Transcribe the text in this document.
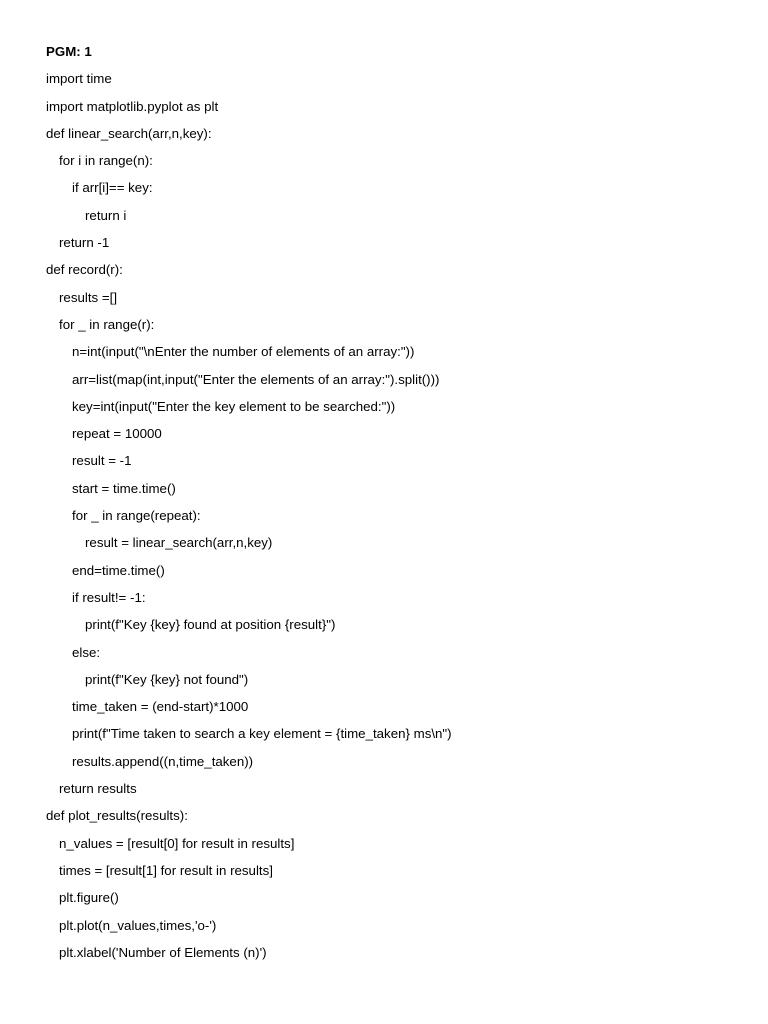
PGM: 1
import time
import matplotlib.pyplot as plt
def linear_search(arr,n,key):
for i in range(n):
if arr[i]== key:
return i
return -1
def record(r):
results =[]
for _ in range(r):
n=int(input("\nEnter the number of elements of an array:"))
arr=list(map(int,input("Enter the elements of an array:").split()))
key=int(input("Enter the key element to be searched:"))
repeat = 10000
result = -1
start = time.time()
for _ in range(repeat):
result = linear_search(arr,n,key)
end=time.time()
if result!= -1:
print(f"Key {key} found at position {result}")
else:
print(f"Key {key} not found")
time_taken = (end-start)*1000
print(f"Time taken to search a key element = {time_taken} ms\n")
results.append((n,time_taken))
return results
def plot_results(results):
n_values = [result[0] for result in results]
times = [result[1] for result in results]
plt.figure()
plt.plot(n_values,times,'o-')
plt.xlabel('Number of Elements (n)')
